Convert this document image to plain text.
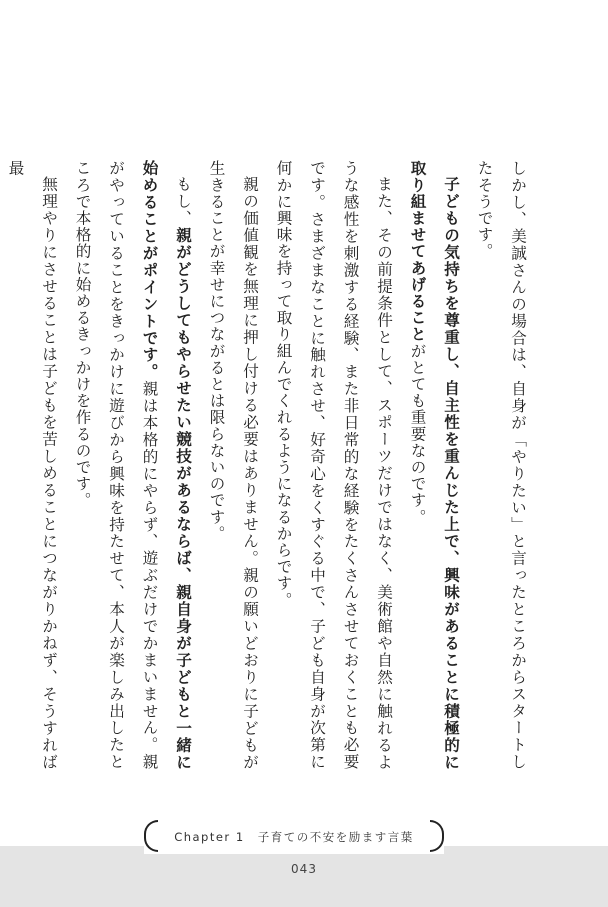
しかし、美誠さんの場合は、自身が「やりたい」と言ったところからスタートしたそうです。

子どもの気持ちを尊重し、自主性を重んじた上で、興味があることに積極的に取り組ませてあげることがとても重要なのです。

また、その前提条件として、スポーツだけではなく、美術館や自然に触れるような感性を刺激する経験、また非日常的な経験をたくさんさせておくことも必要です。さまざまなことに触れさせ、好奇心をくすぐる中で、子ども自身が次第に何かに興味を持って取り組んでくれるようになるからです。

親の価値観を無理に押し付ける必要はありません。親の願いどおりに子どもが生きることが幸せにつながるとは限らないのです。

もし、親がどうしてもやらせたい競技があるならば、親自身が子どもと一緒に始めることがポイントです。親は本格的にやらず、遊ぶだけでかまいません。親がやっていることをきっかけに遊びから興味を持たせて、本人が楽しみ出したところで本格的に始めるきっかけを作るのです。

無理やりにさせることは子どもを苦しめることにつながりかねず、そうすれば最

Chapter 1 子育ての不安を励ます言葉
043
